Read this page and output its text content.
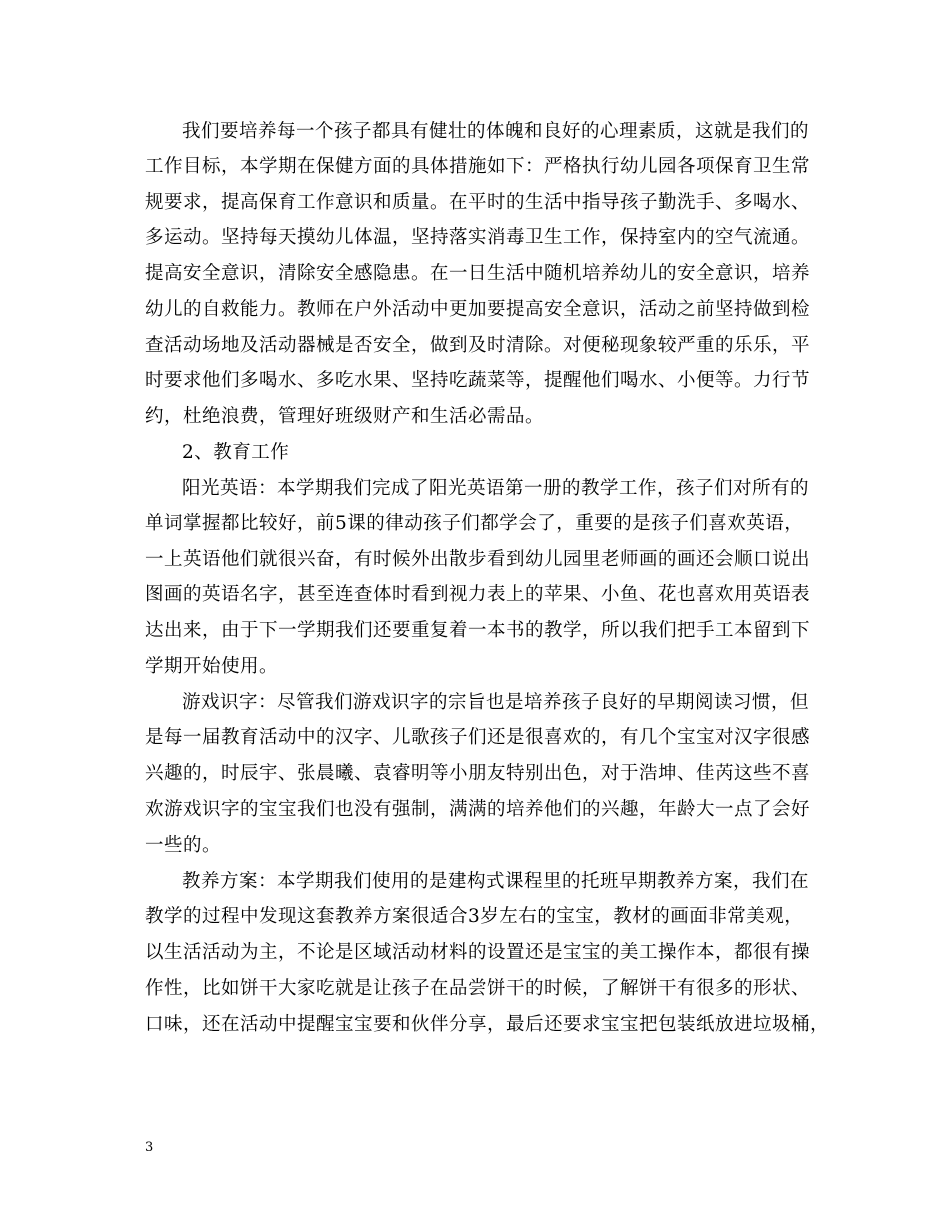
我们要培养每一个孩子都具有健壮的体魄和良好的心理素质，这就是我们的
工作目标，本学期在保健方面的具体措施如下：严格执行幼儿园各项保育卫生常
规要求，提高保育工作意识和质量。在平时的生活中指导孩子勤洗手、多喝水、
多运动。坚持每天摸幼儿体温，坚持落实消毒卫生工作，保持室内的空气流通。
提高安全意识，清除安全感隐患。在一日生活中随机培养幼儿的安全意识，培养
幼儿的自救能力。教师在户外活动中更加要提高安全意识，活动之前坚持做到检
查活动场地及活动器械是否安全，做到及时清除。对便秘现象较严重的乐乐，平
时要求他们多喝水、多吃水果、坚持吃蔬菜等，提醒他们喝水、小便等。力行节
约，杜绝浪费，管理好班级财产和生活必需品。
2、教育工作
阳光英语：本学期我们完成了阳光英语第一册的教学工作，孩子们对所有的
单词掌握都比较好，前5课的律动孩子们都学会了，重要的是孩子们喜欢英语，
一上英语他们就很兴奋，有时候外出散步看到幼儿园里老师画的画还会顺口说出
图画的英语名字，甚至连查体时看到视力表上的苹果、小鱼、花也喜欢用英语表
达出来，由于下一学期我们还要重复着一本书的教学，所以我们把手工本留到下
学期开始使用。
游戏识字：尽管我们游戏识字的宗旨也是培养孩子良好的早期阅读习惯，但
是每一届教育活动中的汉字、儿歌孩子们还是很喜欢的，有几个宝宝对汉字很感
兴趣的，时辰宇、张晨曦、袁睿明等小朋友特别出色，对于浩坤、佳芮这些不喜
欢游戏识字的宝宝我们也没有强制，满满的培养他们的兴趣，年龄大一点了会好
一些的。
教养方案：本学期我们使用的是建构式课程里的托班早期教养方案，我们在
教学的过程中发现这套教养方案很适合3岁左右的宝宝，教材的画面非常美观，
以生活活动为主，不论是区域活动材料的设置还是宝宝的美工操作本，都很有操
作性，比如饼干大家吃就是让孩子在品尝饼干的时候，了解饼干有很多的形状、
口味，还在活动中提醒宝宝要和伙伴分享，最后还要求宝宝把包装纸放进垃圾桶，
3
